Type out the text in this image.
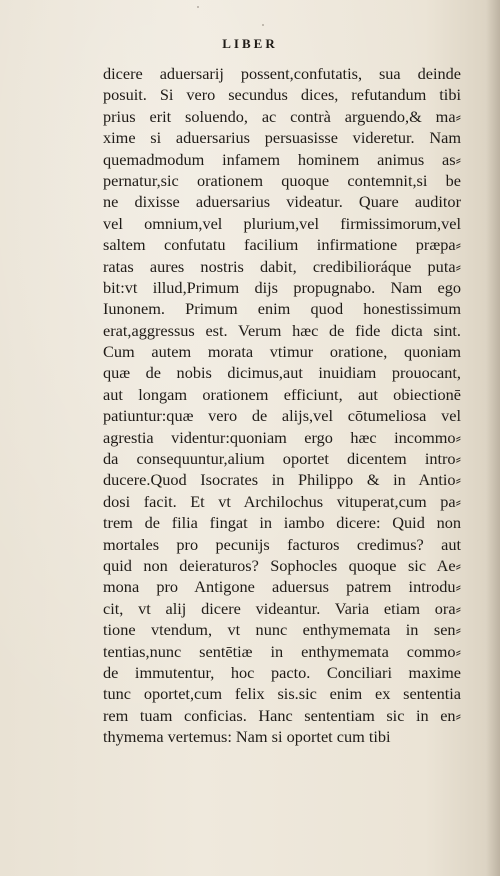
LIBER
dicere aduersarij possent,confutatis, sua deinde
posuit. Si vero secundus dices, refutandum tibi
prius erit soluendo, ac contrà arguendo,& ma⸗
xime si aduersarius persuasisse videretur. Nam
quemadmodum infamem hominem animus as⸗
pernatur,sic orationem quoque contemnit,si be
ne dixisse aduersarius videatur. Quare auditor
vel omnium,vel plurium,vel firmissimorum,vel
saltem confutatu facilium infirmatione præpa⸗
ratas aures nostris dabit, credibilioráque puta⸗
bit:vt illud,Primum dijs propugnabo. Nam ego
Iunonem. Primum enim quod honestissimum
erat,aggressus est. Verum hæc de fide dicta sint.
Cum autem morata vtimur oratione, quoniam
quæ de nobis dicimus,aut inuidiam prouocant,
aut longam orationem efficiunt, aut obiectionē
patiuntur:quæ vero de alijs,vel cōtumeliosa vel
agrestia videntur:quoniam ergo hæc incommo⸗
da consequuntur,alium oportet dicentem intro⸗
ducere.Quod Isocrates in Philippo & in Antio⸗
dosi facit. Et vt Archilochus vituperat,cum pa⸗
trem de filia fingat in iambo dicere: Quid non
mortales pro pecunijs facturos credimus? aut
quid non deieraturos? Sophocles quoque sic Ae⸗
mona pro Antigone aduersus patrem introdu⸗
cit, vt alij dicere videantur. Varia etiam ora⸗
tione vtendum, vt nunc enthymemata in sen⸗
tentias,nunc sentētiæ in enthymemata commo⸗
de immutentur, hoc pacto. Conciliari maxime
tunc oportet,cum felix sis.sic enim ex sententia
rem tuam conficias. Hanc sententiam sic in en⸗
thymema vertemus: Nam si oportet cum tibi
